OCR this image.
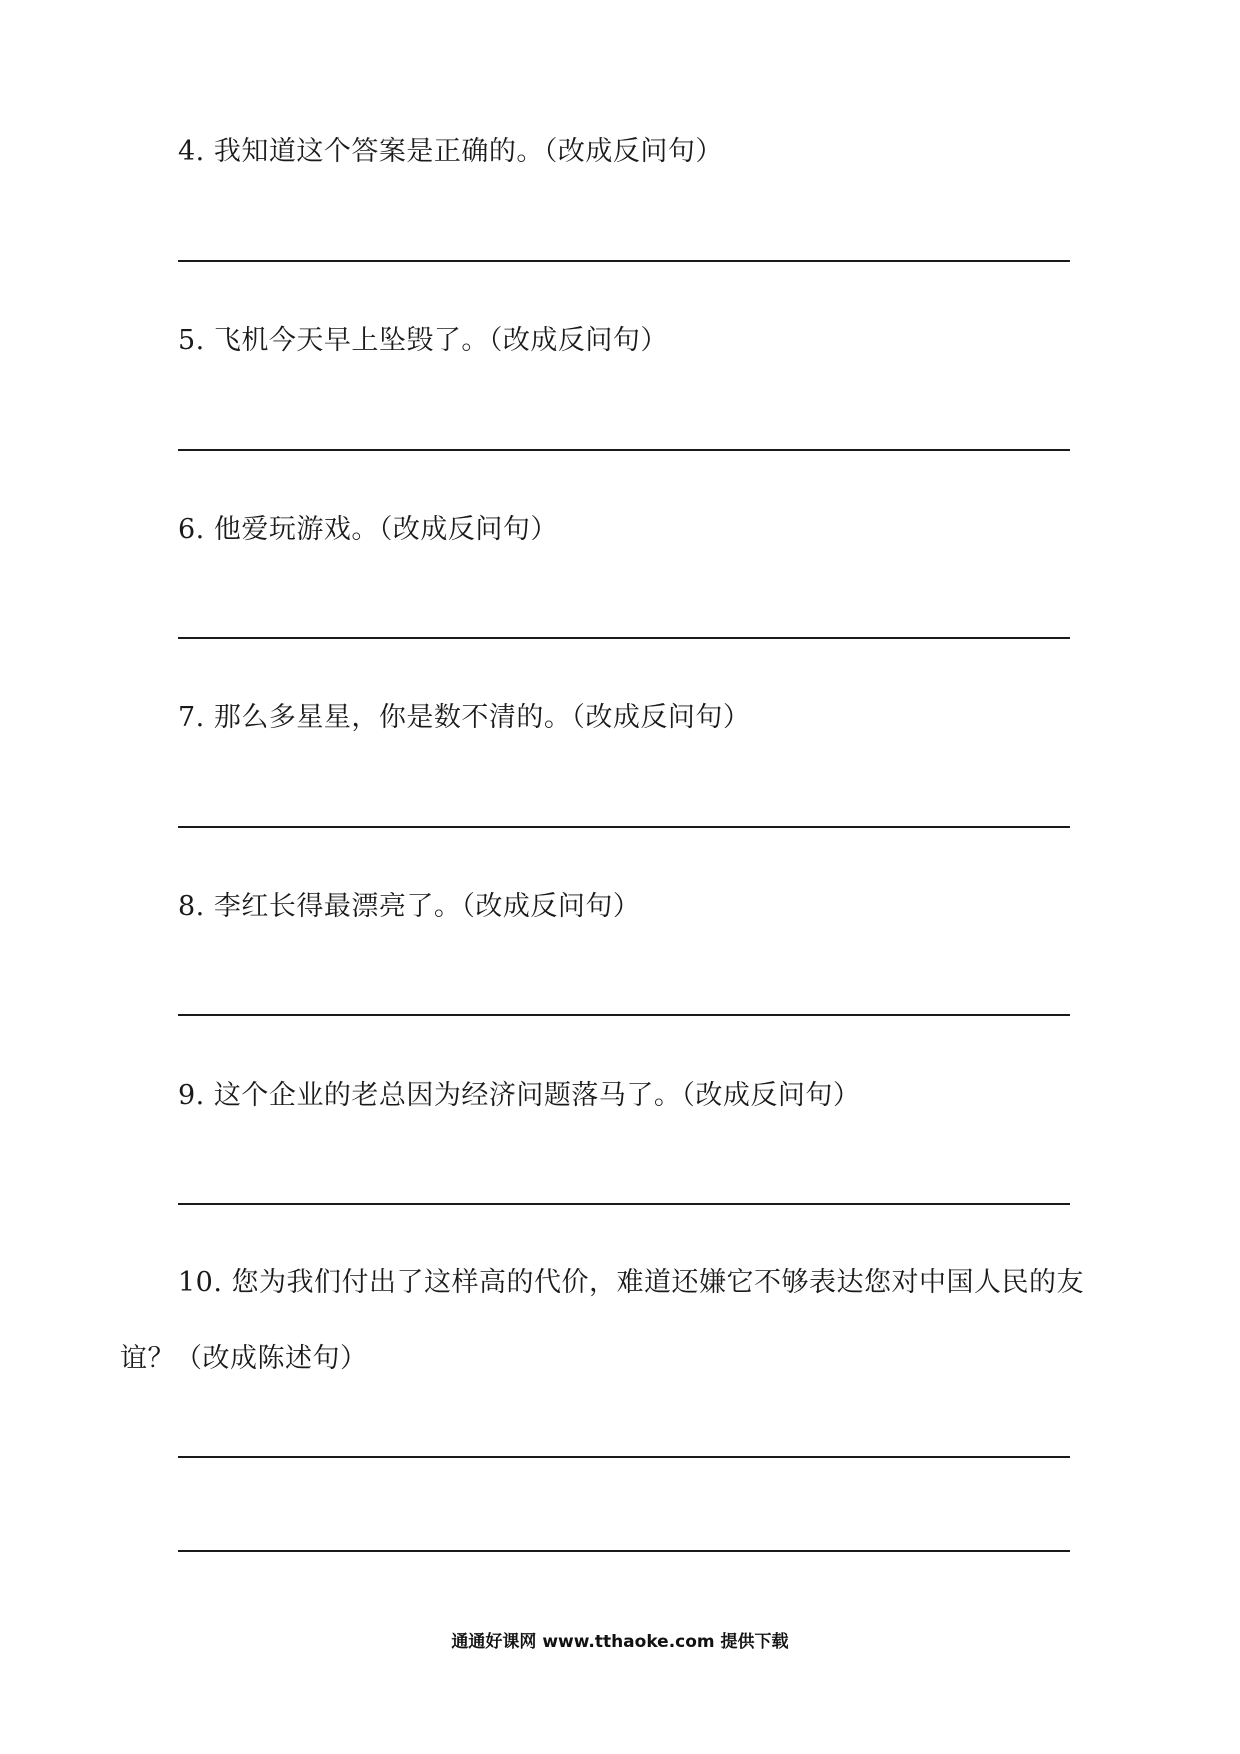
4. 我知道这个答案是正确的。（改成反问句）
5. 飞机今天早上坠毁了。（改成反问句）
6. 他爱玩游戏。（改成反问句）
7. 那么多星星，你是数不清的。（改成反问句）
8. 李红长得最漂亮了。（改成反问句）
9. 这个企业的老总因为经济问题落马了。（改成反问句）
10. 您为我们付出了这样高的代价，难道还嫌它不够表达您对中国人民的友谊？（改成陈述句）
通通好课网 www.tthaoke.com 提供下载
